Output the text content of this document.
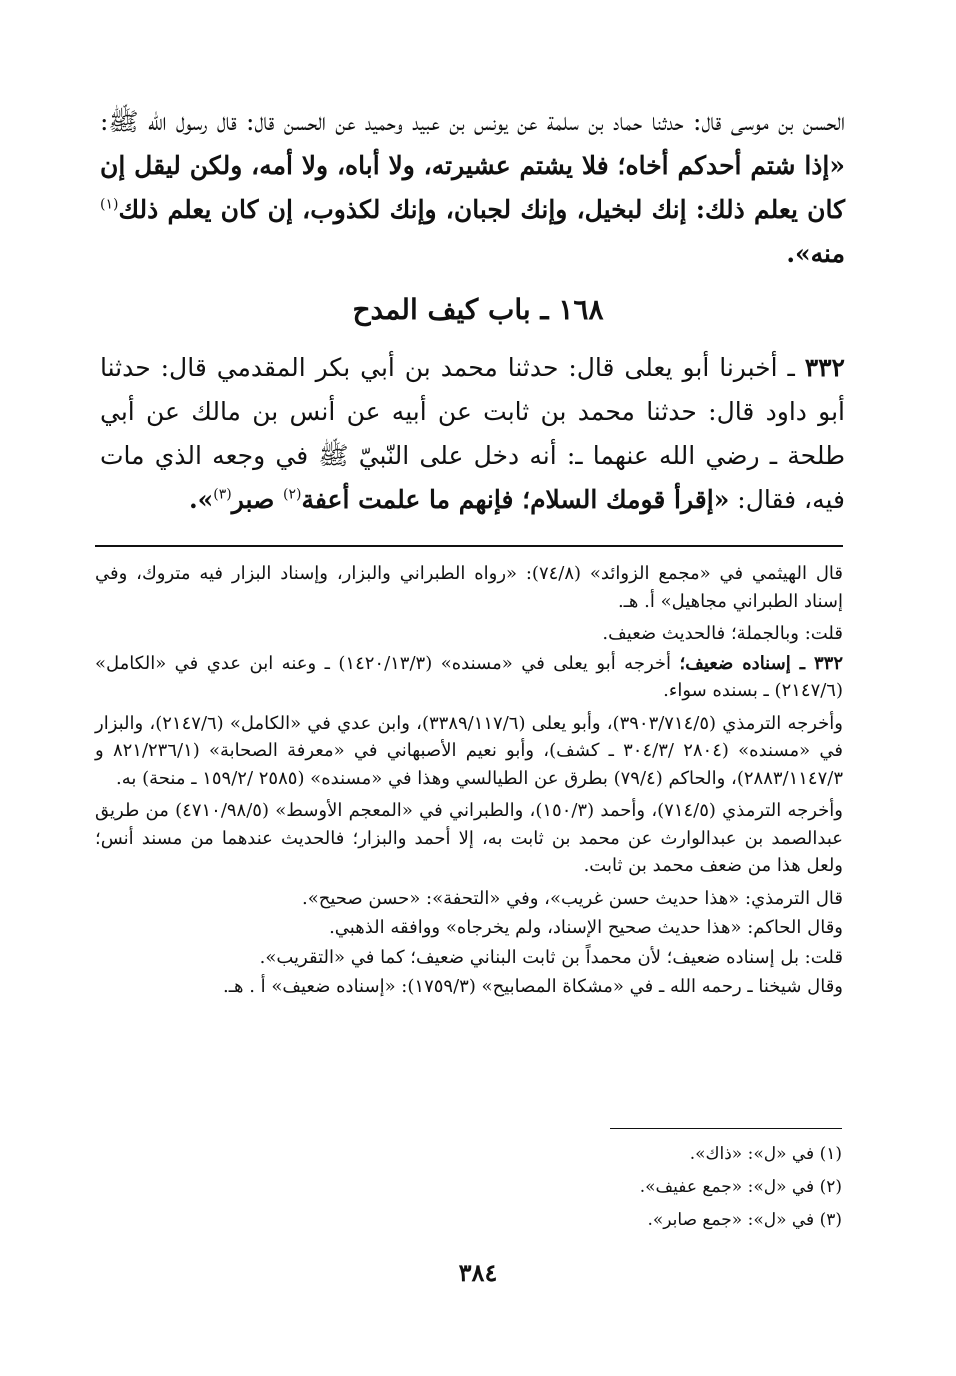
الحسن بن موسى قال: حدثنا حماد بن سلمة عن يونس بن عبيد وحميد عن الحسن قال: قال رسول الله ﷺ: «إذا شتم أحدكم أخاه؛ فلا يشتم عشيرته، ولا أباه، ولا أمه، ولكن ليقل إن كان يعلم ذلك: إنك لبخيل، وإنك لجبان، وإنك لكذوب، إن كان يعلم ذلك$^{(١)}$ منه».

١٦٨ ـ باب كيف المدح

٣٣٢ ـ أخبرنا أبو يعلى قال: حدثنا محمد بن أبي بكر المقدمي قال: حدثنا أبو داود قال: حدثنا محمد بن ثابت عن أبيه عن أنس بن مالك عن أبي طلحة ـ رضي الله عنهما ـ: أنه دخل على النّبيّ ﷺ في وجعه الذي مات فيه، فقال: «إقرأ قومك السلام؛ فإنهم ما علمت أعفة$^{(٢)}$ صبر$^{(٣)}$».

قال الهيثمي في «مجمع الزوائد» (٧٤/٨): «رواه الطبراني والبزار، وإسناد البزار فيه متروك، وفي إسناد الطبراني مجاهيل» أ. هـ.

قلت: وبالجملة؛ فالحديث ضعيف.

٣٣٢ ـ إسناده ضعيف؛ أخرجه أبو يعلى في «مسنده» (١٤٢٠/١٣/٣) ـ وعنه ابن عدي في «الكامل» (٢١٤٧/٦) ـ بسنده سواء.

وأخرجه الترمذي (٣٩٠٣/٧١٤/٥)، وأبو يعلى (٣٣٨٩/١١٧/٦)، وابن عدي في «الكامل» (٢١٤٧/٦)، والبزار في «مسنده» (٢٨٠٤ /٣٠٤/٣ ـ كشف)، وأبو نعيم الأصبهاني في «معرفة الصحابة» (٨٢١/٢٣٦/١ و ٢٨٨٣/١١٤٧/٣)، والحاكم (٧٩/٤) بطرق عن الطيالسي وهذا في «مسنده» (٢٥٨٥ /١٥٩/٢ ـ منحة) به.

وأخرجه الترمذي (٧١٤/٥)، وأحمد (١٥٠/٣)، والطبراني في «المعجم الأوسط» (٤٧١٠/٩٨/٥) من طريق عبدالصمد بن عبدالوارث عن محمد بن ثابت به، إلا أحمد والبزار؛ فالحديث عندهما من مسند أنس؛ ولعل هذا من ضعف محمد بن ثابت.

قال الترمذي: «هذا حديث حسن غريب»، وفي «التحفة»: «حسن صحيح».

وقال الحاكم: «هذا حديث صحيح الإسناد، ولم يخرجاه» ووافقه الذهبي.

قلت: بل إسناده ضعيف؛ لأن محمداً بن ثابت البناني ضعيف؛ كما في «التقريب».

وقال شيخنا ـ رحمه الله ـ في «مشكاة المصابيح» (١٧٥٩/٣): «إسناده ضعيف» أ . هـ.

(١) في «ل»: «ذاك».
(٢) في «ل»: «جمع عفيف».
(٣) في «ل»: «جمع صابر».
٣٨٤
